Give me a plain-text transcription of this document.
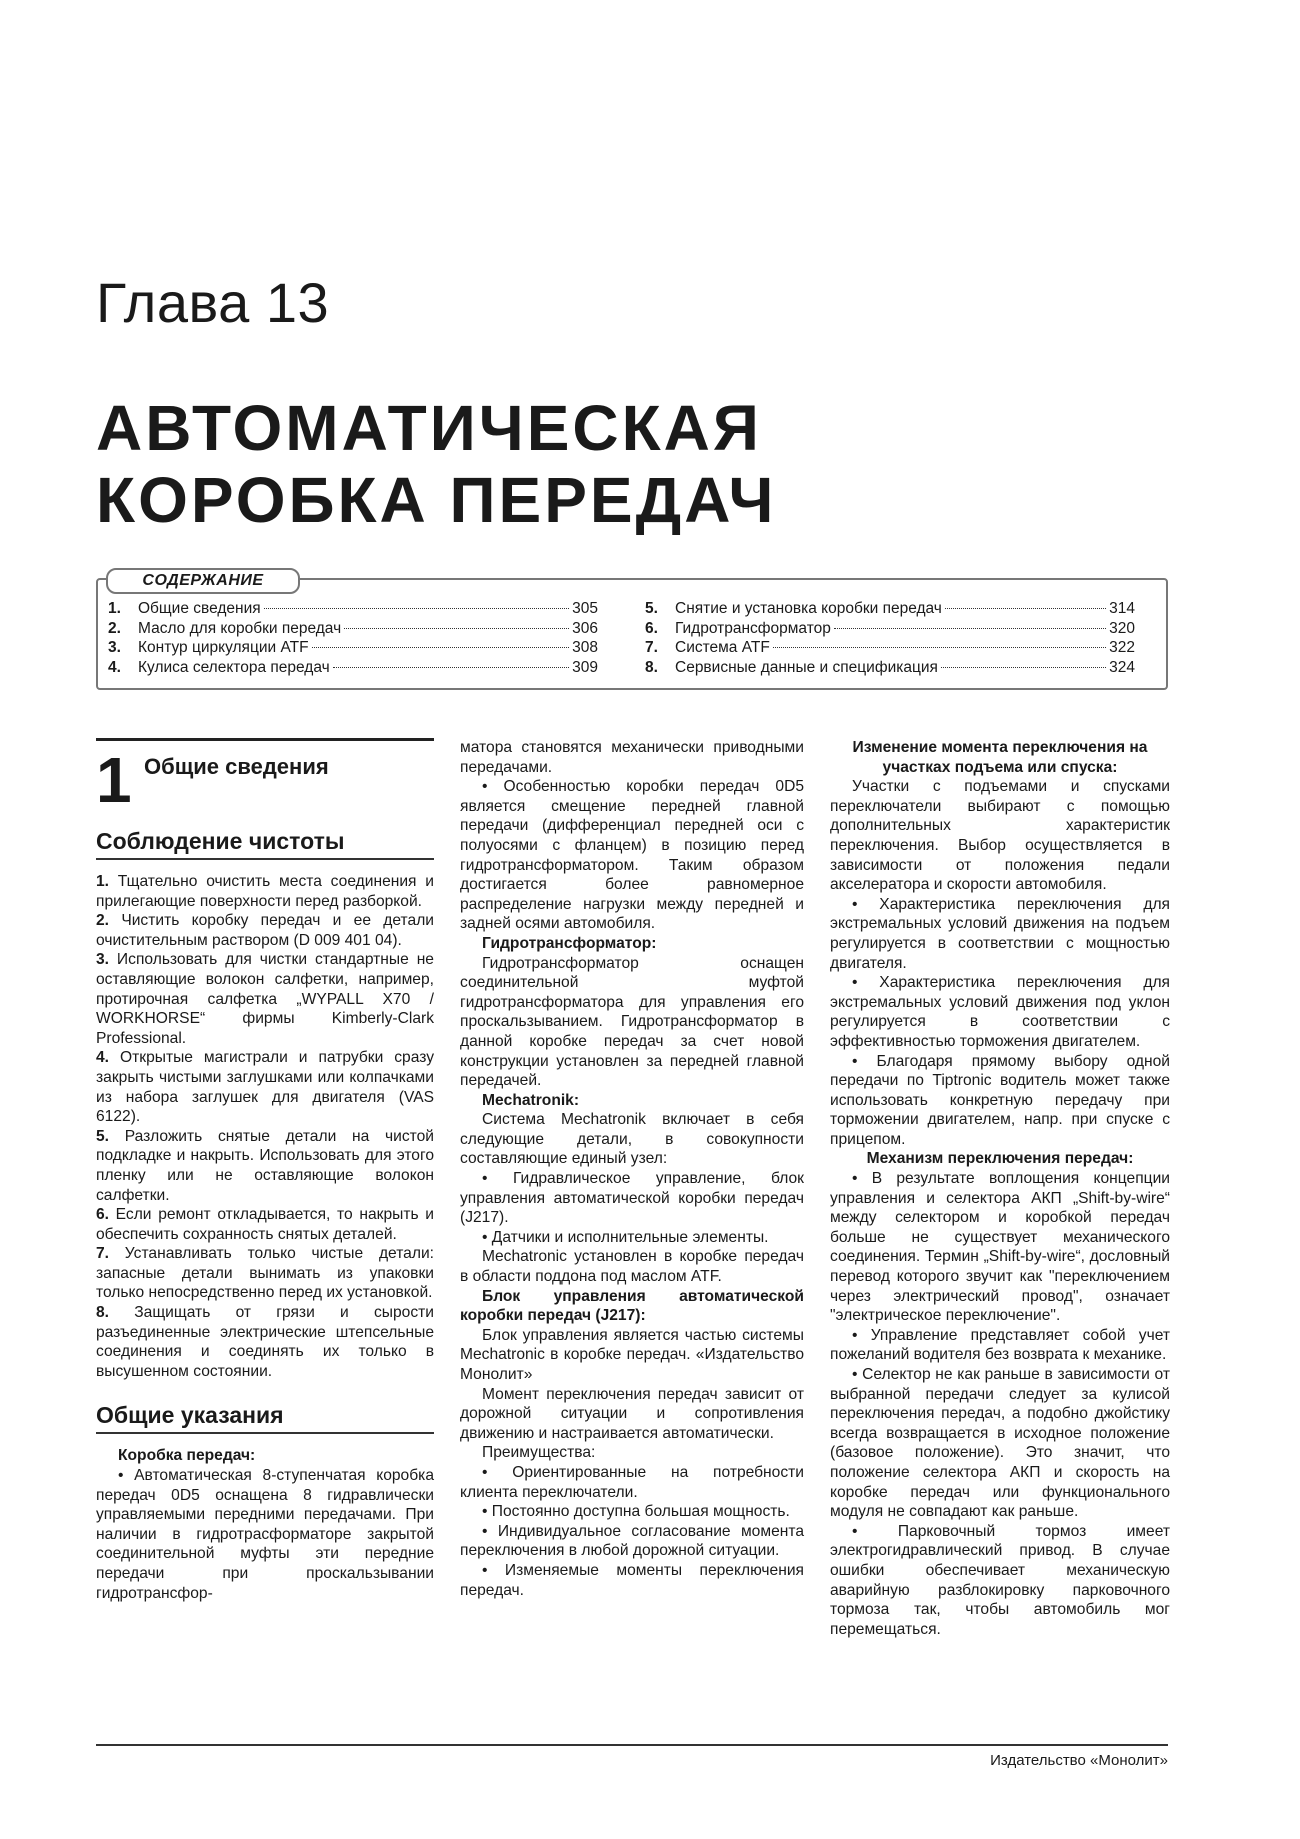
Глава 13
АВТОМАТИЧЕСКАЯ
КОРОБКА ПЕРЕДАЧ
СОДЕРЖАНИЕ
1.	Общие сведения	305
2.	Масло для коробки передач	306
3.	Контур циркуляции ATF	308
4.	Кулиса селектора передач	309
5.	Снятие и установка коробки передач	314
6.	Гидротрансформатор	320
7.	Система ATF	322
8.	Сервисные данные и спецификация	324
1 Общие сведения
Соблюдение чистоты

1. Тщательно очистить места соединения и прилегающие поверхности перед разборкой.

2. Чистить коробку передач и ее детали очистительным раствором (D 009 401 04).

3. Использовать для чистки стандартные не оставляющие волокон салфетки, например, протирочная салфетка „WYPALL X70 / WORKHORSE“ фирмы Kimberly-Clark Professional.

4. Открытые магистрали и патрубки сразу закрыть чистыми заглушками или колпачками из набора заглушек для двигателя (VAS 6122).

5. Разложить снятые детали на чистой подкладке и накрыть. Использовать для этого пленку или не оставляющие волокон салфетки.

6. Если ремонт откладывается, то накрыть и обеспечить сохранность снятых деталей.

7. Устанавливать только чистые детали: запасные детали вынимать из упаковки только непосредственно перед их установкой.

8. Защищать от грязи и сырости разъединенные электрические штепсельные соединения и соединять их только в высушенном состоянии.

Общие указания

Коробка передач:

• Автоматическая 8-ступенчатая коробка передач 0D5 оснащена 8 гидравлически управляемыми передними передачами. При наличии в гидротрасформаторе закрытой соединительной муфты эти передние передачи при проскальзывании гидротрансфор-

матора становятся механически приводными передачами.

• Особенностью коробки передач 0D5 является смещение передней главной передачи (дифференциал передней оси с полуосями с фланцем) в позицию перед гидротрансформатором. Таким образом достигается более равномерное распределение нагрузки между передней и задней осями автомобиля.

Гидротрансформатор:

Гидротрансформатор оснащен соединительной муфтой гидротрансформатора для управления его проскальзыванием. Гидротрансформатор в данной коробке передач за счет новой конструкции установлен за передней главной передачей.

Mechatronik:

Система Mechatronik включает в себя следующие детали, в совокупности составляющие единый узел:

• Гидравлическое управление, блок управления автоматической коробки передач (J217).

• Датчики и исполнительные элементы.

Mechatronic установлен в коробке передач в области поддона под маслом ATF.

Блок управления автоматической коробки передач (J217):

Блок управления является частью системы Mechatronic в коробке передач. «Издательство Монолит»

Момент переключения передач зависит от дорожной ситуации и сопротивления движению и настраивается автоматически.

Преимущества:

• Ориентированные на потребности клиента переключатели.

• Постоянно доступна большая мощность.

• Индивидуальное согласование момента переключения в любой дорожной ситуации.

• Изменяемые моменты переключения передач.

Изменение момента переключения на участках подъема или спуска:

Участки с подъемами и спусками переключатели выбирают с помощью дополнительных характеристик переключения. Выбор осуществляется в зависимости от положения педали акселератора и скорости автомобиля.

• Характеристика переключения для экстремальных условий движения на подъем регулируется в соответствии с мощностью двигателя.

• Характеристика переключения для экстремальных условий движения под уклон регулируется в соответствии с эффективностью торможения двигателем.

• Благодаря прямому выбору одной передачи по Tiptronic водитель может также использовать конкретную передачу при торможении двигателем, напр. при спуске с прицепом.

Механизм переключения передач:

• В результате воплощения концепции управления и селектора АКП „Shift-by-wire“ между селектором и коробкой передач больше не существует механического соединения. Термин „Shift-by-wire“, дословный перевод которого звучит как "переключением через электрический провод", означает "электрическое переключение".

• Управление представляет собой учет пожеланий водителя без возврата к механике.

• Селектор не как раньше в зависимости от выбранной передачи следует за кулисой переключения передач, а подобно джойстику всегда возвращается в исходное положение (базовое положение). Это значит, что положение селектора АКП и скорость на коробке передач или функционального модуля не совпадают как раньше.

• Парковочный тормоз имеет электрогидравлический привод. В случае ошибки обеспечивает механическую аварийную разблокировку парковочного тормоза так, чтобы автомобиль мог перемещаться.

Издательство «Монолит»
